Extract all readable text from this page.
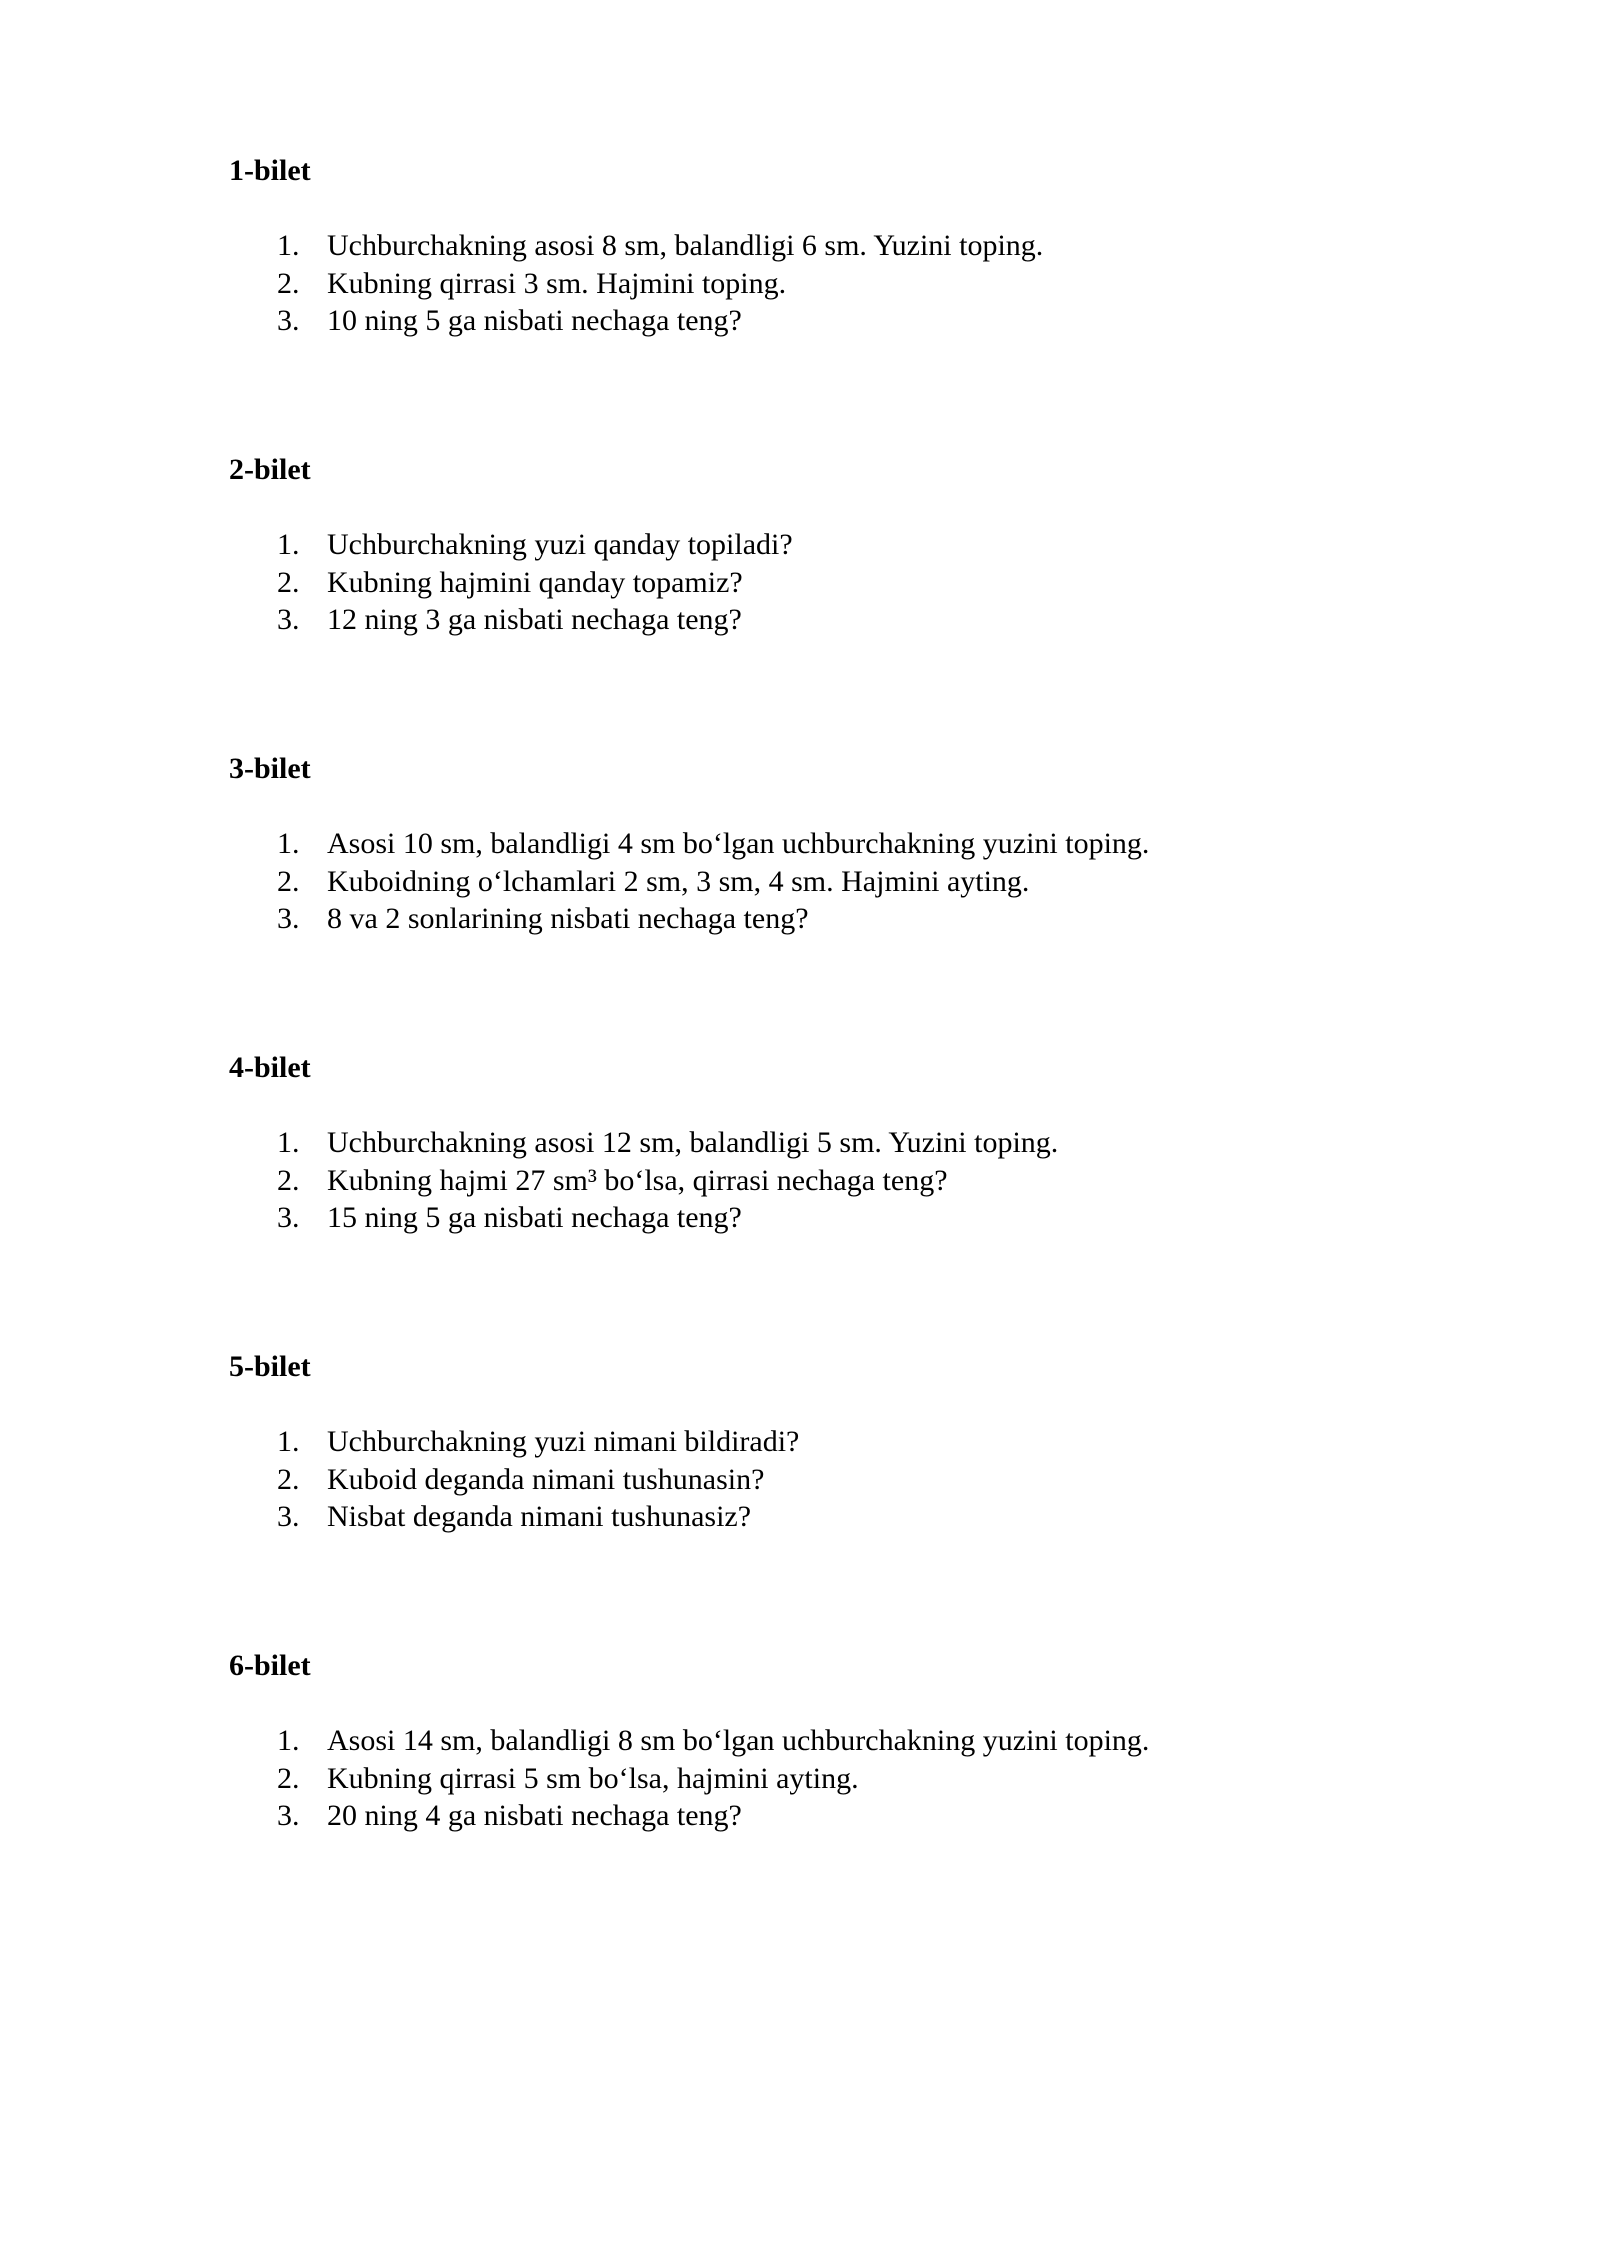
1-bilet
1. Uchburchakning asosi 8 sm, balandligi 6 sm. Yuzini toping.
2. Kubning qirrasi 3 sm. Hajmini toping.
3. 10 ning 5 ga nisbati nechaga teng?
2-bilet
1. Uchburchakning yuzi qanday topiladi?
2. Kubning hajmini qanday topamiz?
3. 12 ning 3 ga nisbati nechaga teng?
3-bilet
1. Asosi 10 sm, balandligi 4 sm bo‘lgan uchburchakning yuzini toping.
2. Kuboidning o‘lchamlari 2 sm, 3 sm, 4 sm. Hajmini ayting.
3. 8 va 2 sonlarining nisbati nechaga teng?
4-bilet
1. Uchburchakning asosi 12 sm, balandligi 5 sm. Yuzini toping.
2. Kubning hajmi 27 sm³ bo‘lsa, qirrasi nechaga teng?
3. 15 ning 5 ga nisbati nechaga teng?
5-bilet
1. Uchburchakning yuzi nimani bildiradi?
2. Kuboid deganda nimani tushunasin?
3. Nisbat deganda nimani tushunasiz?
6-bilet
1. Asosi 14 sm, balandligi 8 sm bo‘lgan uchburchakning yuzini toping.
2. Kubning qirrasi 5 sm bo‘lsa, hajmini ayting.
3. 20 ning 4 ga nisbati nechaga teng?
